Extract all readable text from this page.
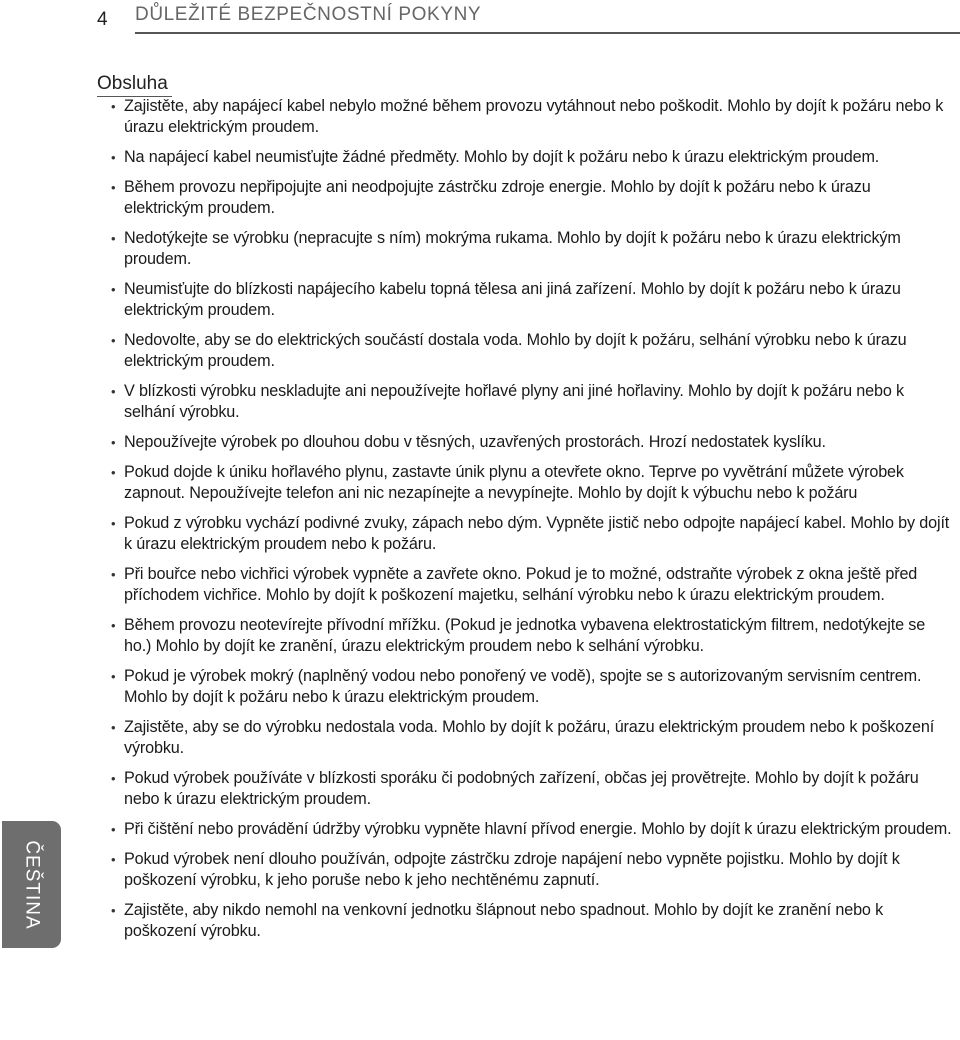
4 DŮLEŽITÉ BEZPEČNOSTNÍ POKYNY
Obsluha
• Zajistěte, aby napájecí kabel nebylo možné během provozu vytáhnout nebo poškodit. Mohlo by dojít k požáru nebo k úrazu elektrickým proudem.
• Na napájecí kabel neumisťujte žádné předměty. Mohlo by dojít k požáru nebo k úrazu elektrickým proudem.
• Během provozu nepřipojujte ani neodpojujte zástrčku zdroje energie. Mohlo by dojít k požáru nebo k úrazu elektrickým proudem.
• Nedotýkejte se výrobku (nepracujte s ním) mokrýma rukama. Mohlo by dojít k požáru nebo k úrazu elektrickým proudem.
• Neumisťujte do blízkosti napájecího kabelu topná tělesa ani jiná zařízení. Mohlo by dojít k požáru nebo k úrazu elektrickým proudem.
• Nedovolte, aby se do elektrických součástí dostala voda. Mohlo by dojít k požáru, selhání výrobku nebo k úrazu elektrickým proudem.
• V blízkosti výrobku neskladujte ani nepoužívejte hořlavé plyny ani jiné hořlaviny. Mohlo by dojít k požáru nebo k selhání výrobku.
• Nepoužívejte výrobek po dlouhou dobu v těsných, uzavřených prostorách. Hrozí nedostatek kyslíku.
• Pokud dojde k úniku hořlavého plynu, zastavte únik plynu a otevřete okno. Teprve po vyvětrání můžete výrobek zapnout. Nepoužívejte telefon ani nic nezapínejte a nevypínejte. Mohlo by dojít k výbuchu nebo k požáru
• Pokud z výrobku vychází podivné zvuky, zápach nebo dým. Vypněte jistič nebo odpojte napájecí kabel. Mohlo by dojít k úrazu elektrickým proudem nebo k požáru.
• Při bouřce nebo vichřici výrobek vypněte a zavřete okno. Pokud je to možné, odstraňte výrobek z okna ještě před příchodem vichřice. Mohlo by dojít k poškození majetku, selhání výrobku nebo k úrazu elektrickým proudem.
• Během provozu neotevírejte přívodní mřížku. (Pokud je jednotka vybavena elektrostatickým filtrem, nedotýkejte se ho.) Mohlo by dojít ke zranění, úrazu elektrickým proudem nebo k selhání výrobku.
• Pokud je výrobek mokrý (naplněný vodou nebo ponořený ve vodě), spojte se s autorizovaným servisním centrem. Mohlo by dojít k požáru nebo k úrazu elektrickým proudem.
• Zajistěte, aby se do výrobku nedostala voda. Mohlo by dojít k požáru, úrazu elektrickým proudem nebo k poškození výrobku.
• Pokud výrobek používáte v blízkosti sporáku či podobných zařízení, občas jej provětrejte. Mohlo by dojít k požáru nebo k úrazu elektrickým proudem.
• Při čištění nebo provádění údržby výrobku vypněte hlavní přívod energie. Mohlo by dojít k úrazu elektrickým proudem.
• Pokud výrobek není dlouho používán, odpojte zástrčku zdroje napájení nebo vypněte pojistku. Mohlo by dojít k poškození výrobku, k jeho poruše nebo k jeho nechtěnému zapnutí.
• Zajistěte, aby nikdo nemohl na venkovní jednotku šlápnout nebo spadnout. Mohlo by dojít ke zranění nebo k poškození výrobku.
ČEŠTINA
